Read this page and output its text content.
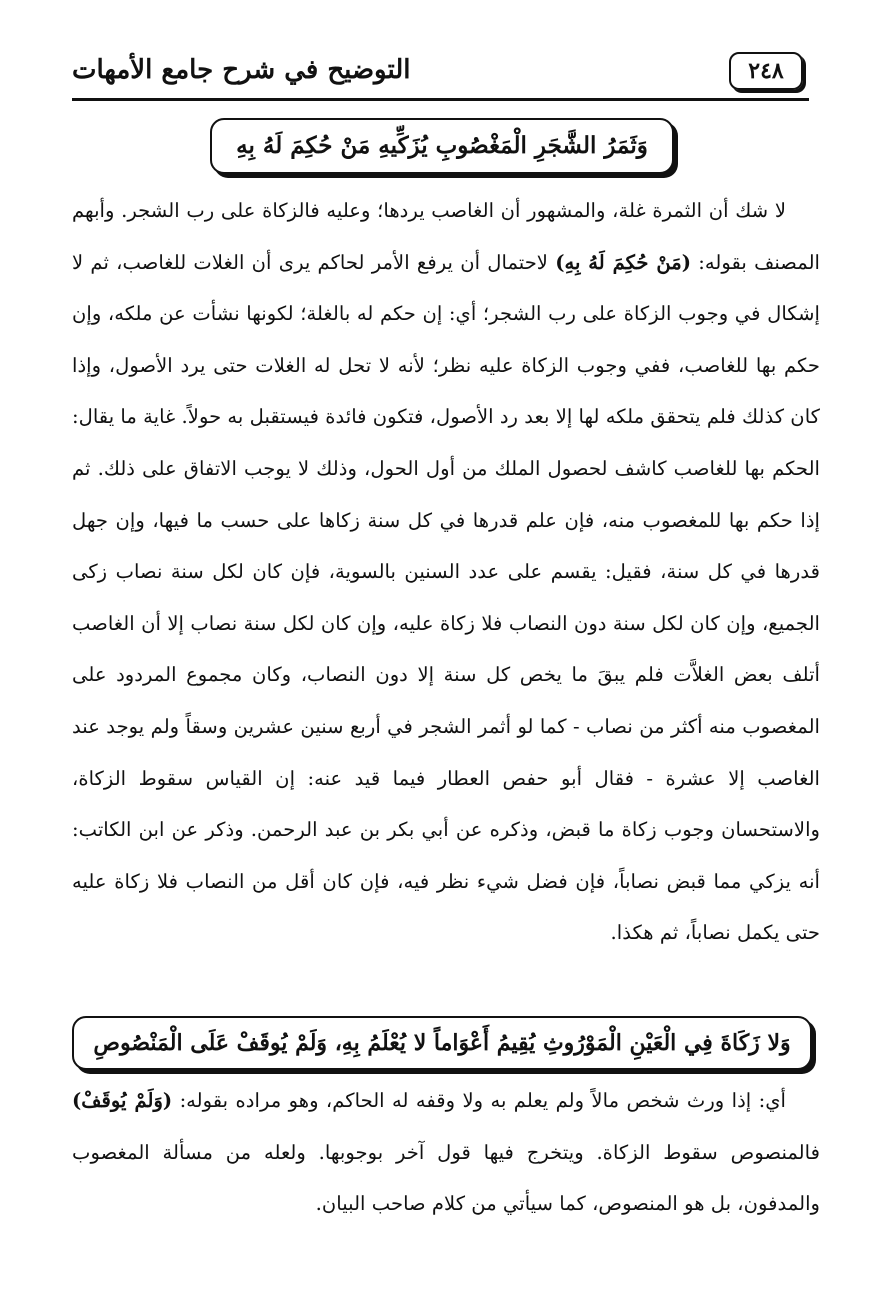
التوضيح في شرح جامع الأمهات	٢٤٨
وَثَمَرُ الشَّجَرِ الْمَغْصُوبِ يُزَكِّيهِ مَنْ حُكِمَ لَهُ بِهِ

لا شك أن الثمرة غلة، والمشهور أن الغاصب يردها؛ وعليه فالزكاة على رب الشجر. وأبهم المصنف بقوله: (مَنْ حُكِمَ لَهُ بِهِ) لاحتمال أن يرفع الأمر لحاكم يرى أن الغلات للغاصب، ثم لا إشكال في وجوب الزكاة على رب الشجر؛ أي: إن حكم له بالغلة؛ لكونها نشأت عن ملكه، وإن حكم بها للغاصب، ففي وجوب الزكاة عليه نظر؛ لأنه لا تحل له الغلات حتى يرد الأصول، وإذا كان كذلك فلم يتحقق ملكه لها إلا بعد رد الأصول، فتكون فائدة فيستقبل به حولاً. غاية ما يقال: الحكم بها للغاصب كاشف لحصول الملك من أول الحول، وذلك لا يوجب الاتفاق على ذلك. ثم إذا حكم بها للمغصوب منه، فإن علم قدرها في كل سنة زكاها على حسب ما فيها، وإن جهل قدرها في كل سنة، فقيل: يقسم على عدد السنين بالسوية، فإن كان لكل سنة نصاب زكى الجميع، وإن كان لكل سنة دون النصاب فلا زكاة عليه، وإن كان لكل سنة نصاب إلا أن الغاصب أتلف بعض الغلاَّت فلم يبقَ ما يخص كل سنة إلا دون النصاب، وكان مجموع المردود على المغصوب منه أكثر من نصاب - كما لو أثمر الشجر في أربع سنين عشرين وسقاً ولم يوجد عند الغاصب إلا عشرة - فقال أبو حفص العطار فيما قيد عنه: إن القياس سقوط الزكاة، والاستحسان وجوب زكاة ما قبض، وذكره عن أبي بكر بن عبد الرحمن. وذكر عن ابن الكاتب: أنه يزكي مما قبض نصاباً، فإن فضل شيء نظر فيه، فإن كان أقل من النصاب فلا زكاة عليه حتى يكمل نصاباً، ثم هكذا.

وَلا زَكَاةَ فِي الْعَيْنِ الْمَوْرُوثِ يُقِيمُ أَعْوَاماً لا يُعْلَمُ بِهِ، وَلَمْ يُوقَفْ عَلَى الْمَنْصُوصِ

أي: إذا ورث شخص مالاً ولم يعلم به ولا وقفه له الحاكم، وهو مراده بقوله: (وَلَمْ يُوقَفْ) فالمنصوص سقوط الزكاة. ويتخرج فيها قول آخر بوجوبها. ولعله من مسألة المغصوب والمدفون، بل هو المنصوص، كما سيأتي من كلام صاحب البيان.
